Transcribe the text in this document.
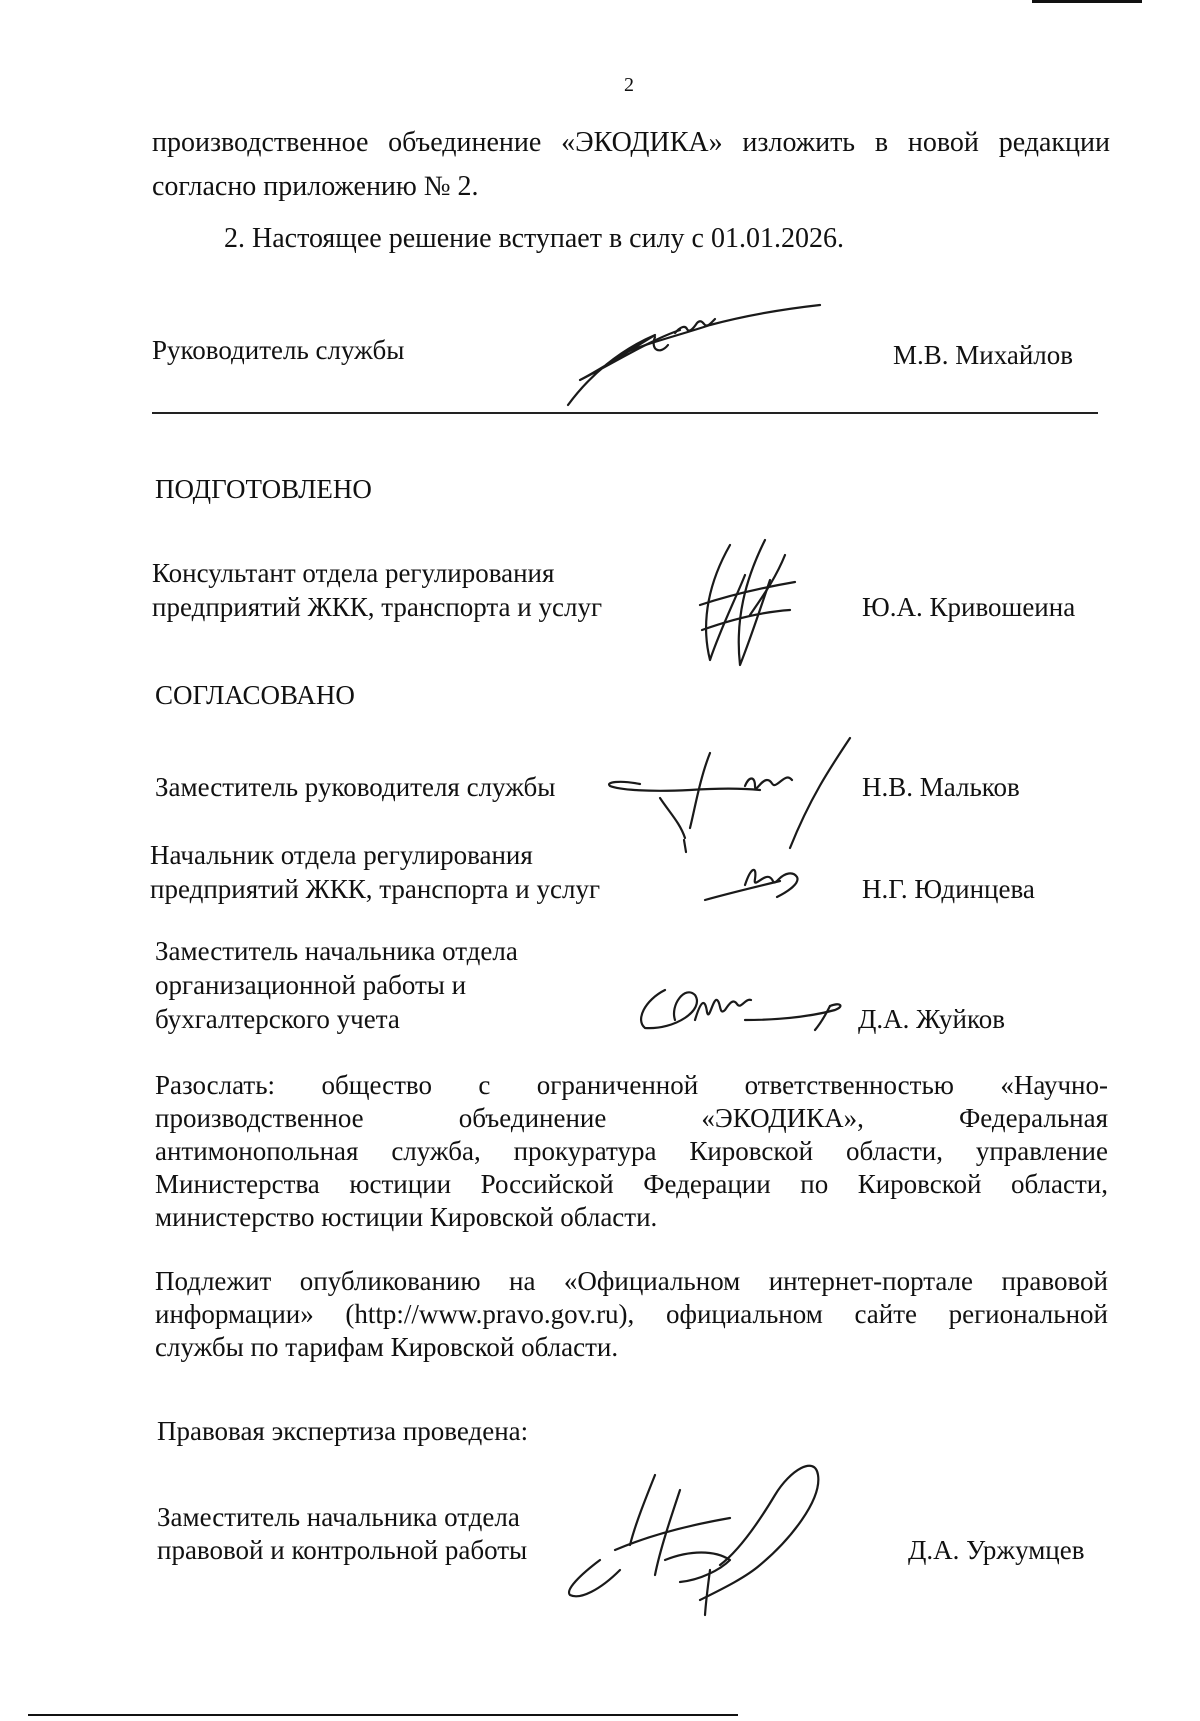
2
производственное объединение «ЭКОДИКА» изложить в новой редакции
согласно приложению № 2.
2. Настоящее решение вступает в силу с 01.01.2026.
Руководитель службы	М.В. Михайлов
ПОДГОТОВЛЕНО
Консультант отдела регулирования
предприятий ЖКК, транспорта и услуг	Ю.А. Кривошеина
СОГЛАСОВАНО
Заместитель руководителя службы	Н.В. Мальков
Начальник отдела регулирования
предприятий ЖКК, транспорта и услуг	Н.Г. Юдинцева
Заместитель начальника отдела
организационной работы и
бухгалтерского учета	Д.А. Жуйков
Разослать: общество с ограниченной ответственностью «Научно-
производственное объединение «ЭКОДИКА», Федеральная
антимонопольная служба, прокуратура Кировской области, управление
Министерства юстиции Российской Федерации по Кировской области,
министерство юстиции Кировской области.
Подлежит опубликованию на «Официальном интернет-портале правовой
информации» (http://www.pravo.gov.ru), официальном сайте региональной
службы по тарифам Кировской области.
Правовая экспертиза проведена:
Заместитель начальника отдела
правовой и контрольной работы	Д.А. Уржумцев
